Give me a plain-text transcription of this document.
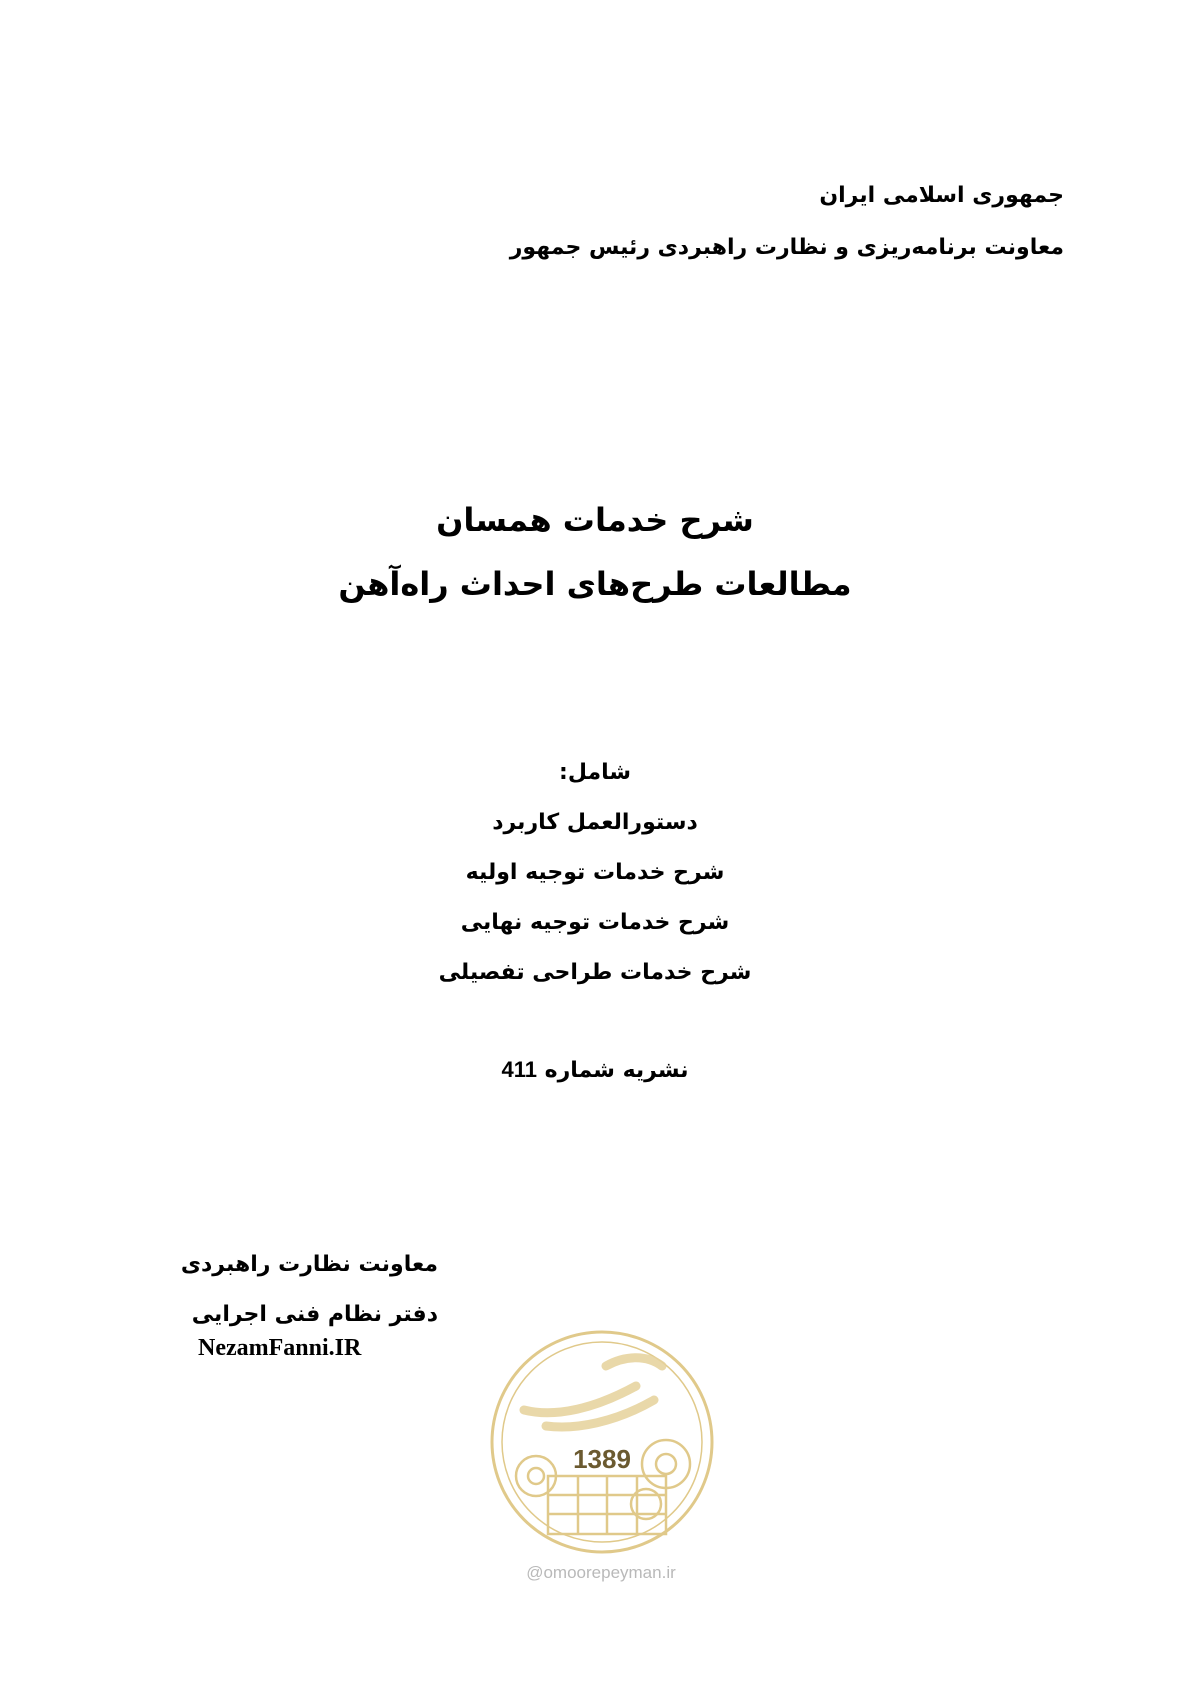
جمهوری اسلامی ایران
معاونت برنامه‌ریزی و نظارت راهبردی رئیس جمهور
شرح خدمات همسان
مطالعات طرح‌های احداث راه‌آهن
شامل:
دستورالعمل کاربرد
شرح خدمات توجیه اولیه
شرح خدمات توجیه نهایی
شرح خدمات طراحی تفصیلی
نشریه شماره 411
معاونت نظارت راهبردی
دفتر نظام فنی اجرایی
NezamFanni.IR
1389
@omoorepeyman.ir
